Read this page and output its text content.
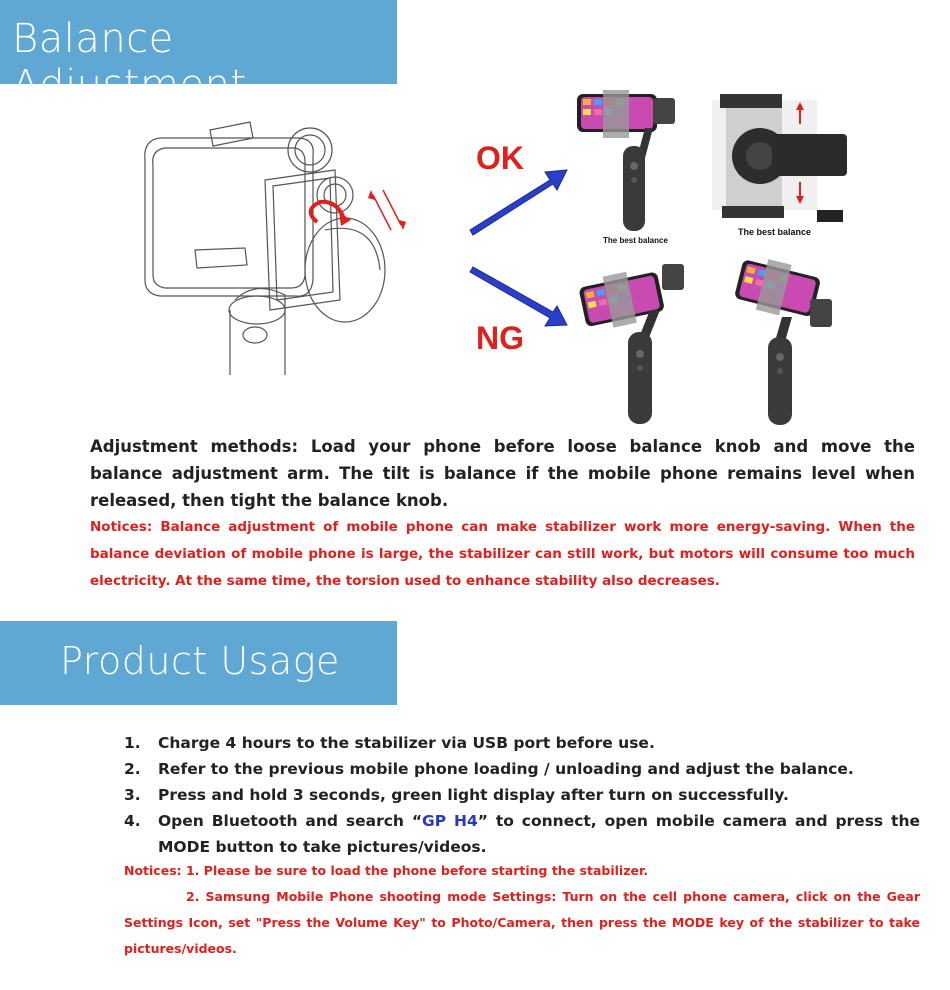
Balance Adjustment
OK
NG
The best balance
The best balance
Adjustment methods: Load your phone before loose balance knob and move the balance adjustment arm. The tilt is balance if the mobile phone remains level when released, then tight the balance knob.
Notices: Balance adjustment of mobile phone can make stabilizer work more energy-saving. When the balance deviation of mobile phone is large, the stabilizer can still work, but motors will consume too much electricity. At the same time, the torsion used to enhance stability also decreases.
Product Usage
1. Charge 4 hours to the stabilizer via USB port before use.
2. Refer to the previous mobile phone loading / unloading and adjust the balance.
3. Press and hold 3 seconds, green light display after turn on successfully.
4. Open Bluetooth and search “GP H4” to connect, open mobile camera and press the MODE button to take pictures/videos.
Notices: 1. Please be sure to load the phone before starting the stabilizer.
2. Samsung Mobile Phone shooting mode Settings: Turn on the cell phone camera, click on the Gear Settings Icon, set "Press the Volume Key" to Photo/Camera, then press the MODE key of the stabilizer to take pictures/videos.
